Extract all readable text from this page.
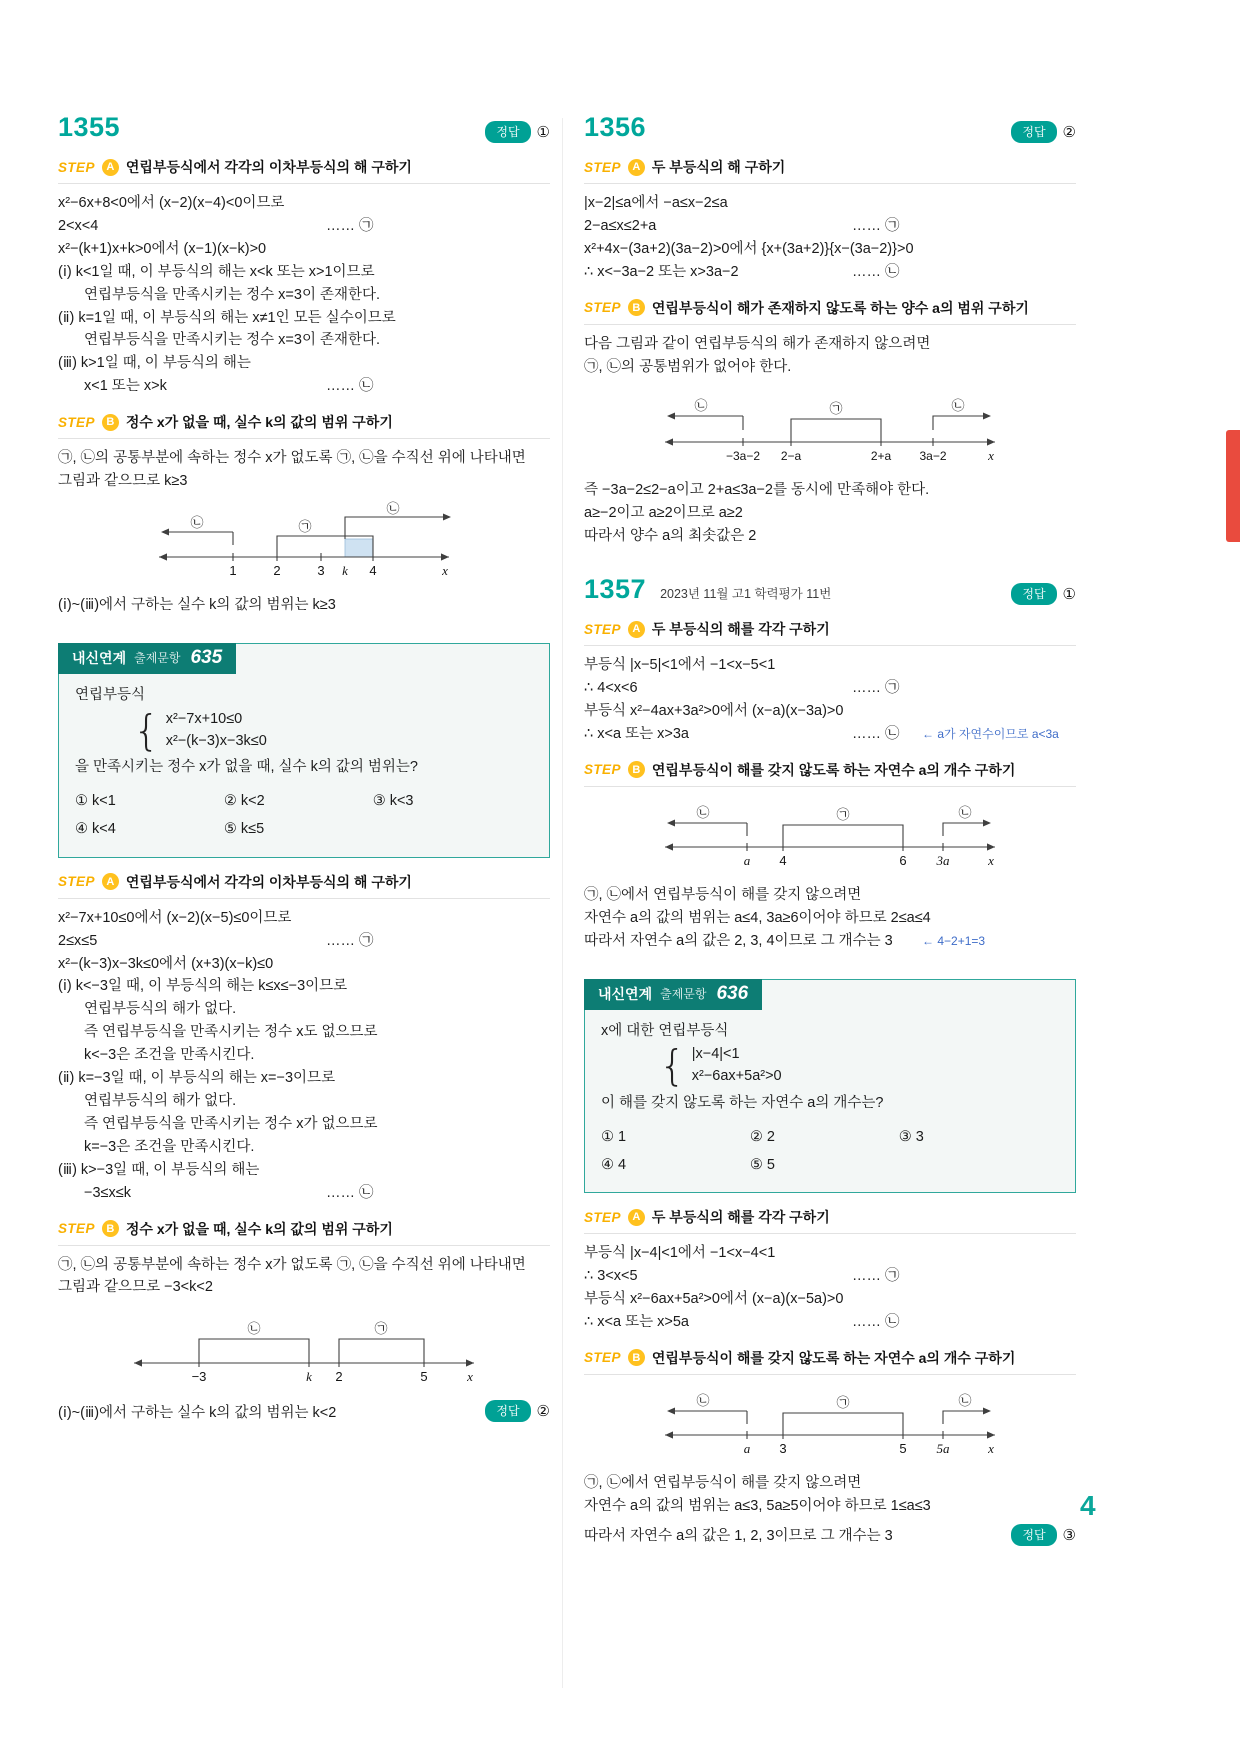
1355	정답	①
STEP	A 연립부등식에서 각각의 이차부등식의 해 구하기
x²−6x+8<0에서 (x−2)(x−4)<0이므로
2<x<4	…… ㉠
x²−(k+1)x+k>0에서 (x−1)(x−k)>0
(ⅰ) k<1일 때, 이 부등식의 해는 x<k 또는 x>1이므로
연립부등식을 만족시키는 정수 x=3이 존재한다.
(ⅱ) k=1일 때, 이 부등식의 해는 x≠1인 모든 실수이므로
연립부등식을 만족시키는 정수 x=3이 존재한다.
(ⅲ) k>1일 때, 이 부등식의 해는
x<1 또는 x>k	…… ㉡
STEP	B 정수 x가 없을 때, 실수 k의 값의 범위 구하기
㉠, ㉡의 공통부분에 속하는 정수 x가 없도록 ㉠, ㉡을 수직선 위에 나타내면
그림과 같으므로 k≥3
㉡	㉠
㉡
1	2	3 k 4	x
(ⅰ)~(ⅲ)에서 구하는 실수 k의 값의 범위는 k≥3
내신연계 출제문항 635
연립부등식
{ x²−7x+10≤0
x²−(k−3)x−3k≤0
을 만족시키는 정수 x가 없을 때, 실수 k의 값의 범위는?
① k<1	② k<2	③ k<3④ k<4	⑤ k≤5
STEP	A 연립부등식에서 각각의 이차부등식의 해 구하기
x²−7x+10≤0에서 (x−2)(x−5)≤0이므로
2≤x≤5	…… ㉠
x²−(k−3)x−3k≤0에서 (x+3)(x−k)≤0
(ⅰ) k<−3일 때, 이 부등식의 해는 k≤x≤−3이므로
연립부등식의 해가 없다.
즉 연립부등식을 만족시키는 정수 x도 없으므로
k<−3은 조건을 만족시킨다.
(ⅱ) k=−3일 때, 이 부등식의 해는 x=−3이므로
연립부등식의 해가 없다.
즉 연립부등식을 만족시키는 정수 x가 없으므로
k=−3은 조건을 만족시킨다.
(ⅲ) k>−3일 때, 이 부등식의 해는
−3≤x≤k	…… ㉡
STEP	B 정수 x가 없을 때, 실수 k의 값의 범위 구하기
㉠, ㉡의 공통부분에 속하는 정수 x가 없도록 ㉠, ㉡을 수직선 위에 나타내면
그림과 같으므로 −3<k<2
㉡	㉠
−3	k 2	5	x
(ⅰ)~(ⅲ)에서 구하는 실수 k의 값의 범위는 k<2	정답	②
1356	정답	②
STEP	A 두 부등식의 해 구하기
|x−2|≤a에서 −a≤x−2≤a
2−a≤x≤2+a	…… ㉠
x²+4x−(3a+2)(3a−2)>0에서 {x+(3a+2)}{x−(3a−2)}>0
∴ x<−3a−2 또는 x>3a−2	…… ㉡
STEP	B 연립부등식이 해가 존재하지 않도록 하는 양수 a의 범위 구하기
다음 그림과 같이 연립부등식의 해가 존재하지 않으려면
㉠, ㉡의 공통범위가 없어야 한다.
㉡	㉠	㉡
−3a−2 2−a	2+a 3a−2	x
즉 −3a−2≤2−a이고 2+a≤3a−2를 동시에 만족해야 한다.
a≥−2이고 a≥2이므로 a≥2
따라서 양수 a의 최솟값은 2
1357 2023년 11월 고1 학력평가 11번	정답	①
STEP	A 두 부등식의 해를 각각 구하기
부등식 |x−5|<1에서 −1<x−5<1
∴ 4<x<6	…… ㉠
부등식 x²−4ax+3a²>0에서 (x−a)(x−3a)>0
∴ x<a 또는 x>3a	…… ㉡ ← a가 자연수이므로 a<3a
STEP	B 연립부등식이 해를 갖지 않도록 하는 자연수 a의 개수 구하기
㉡	㉠	㉡
a 4	6 3a	x
㉠, ㉡에서 연립부등식이 해를 갖지 않으려면
자연수 a의 값의 범위는 a≤4, 3a≥6이어야 하므로 2≤a≤4
따라서 자연수 a의 값은 2, 3, 4이므로 그 개수는 3 ← 4−2+1=3
내신연계 출제문항 636
x에 대한 연립부등식
{ |x−4|<1
x²−6ax+5a²>0
이 해를 갖지 않도록 하는 자연수 a의 개수는?
① 1	② 2	③ 3④ 4	⑤ 5
STEP	A 두 부등식의 해를 각각 구하기
부등식 |x−4|<1에서 −1<x−4<1
∴ 3<x<5	…… ㉠
부등식 x²−6ax+5a²>0에서 (x−a)(x−5a)>0
∴ x<a 또는 x>5a	…… ㉡
STEP	B 연립부등식이 해를 갖지 않도록 하는 자연수 a의 개수 구하기
㉡	㉠	㉡
a 3	5 5a	x
㉠, ㉡에서 연립부등식이 해를 갖지 않으려면
자연수 a의 값의 범위는 a≤3, 5a≥5이어야 하므로 1≤a≤3
따라서 자연수 a의 값은 1, 2, 3이므로 그 개수는 3	정답	③
4
